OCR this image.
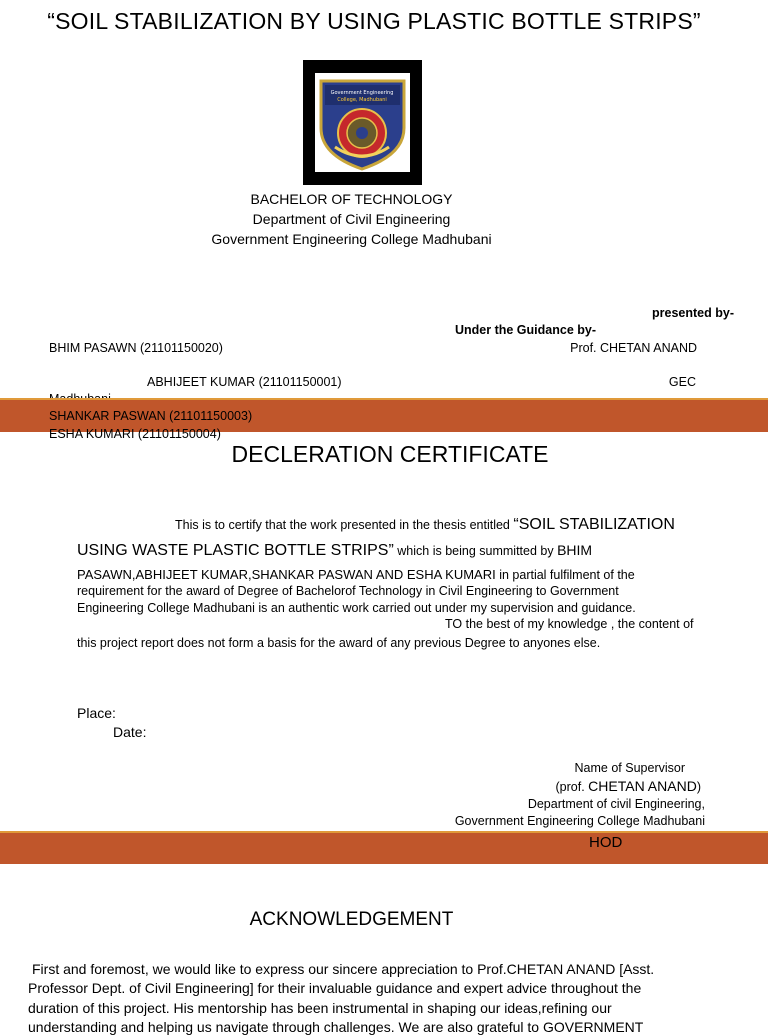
“SOIL STABILIZATION BY USING PLASTIC BOTTLE STRIPS”
Government Engineering
College, Madhubani
BACHELOR OF TECHNOLOGY
Department of Civil Engineering
Government Engineering College Madhubani
presented by-
Under the Guidance by-
BHIM PASAWN (21101150020)	Prof. CHETAN ANAND
ABHIJEET KUMAR (21101150001)	GEC
SHANKAR PASWAN (21101150003)
ESHA KUMARI (21101150004)
DECLERATION CERTIFICATE
This is to certify that the work presented in the thesis entitled “SOIL STABILIZATION
USING WASTE PLASTIC BOTTLE STRIPS” which is being summitted by BHIM
PASAWN,ABHIJEET KUMAR,SHANKAR PASWAN AND ESHA KUMARI in partial fulfilment of the
requirement for the award of Degree of Bachelorof Technology in Civil Engineering to Government
Engineering College Madhubani is an authentic work carried out under my supervision and guidance.
TO the best of my knowledge , the content of
this project report does not form a basis for the award of any previous Degree to anyones else.
Place:
Date:
Name of Supervisor
(prof. CHETAN ANAND)
Department of civil Engineering,
Government Engineering College Madhubani
HOD
ACKNOWLEDGEMENT
First and foremost, we would like to express our sincere appreciation to Prof.CHETAN ANAND [Asst.
Professor Dept. of Civil Engineering] for their invaluable guidance and expert advice throughout the
duration of this project. His mentorship has been instrumental in shaping our ideas,refining our
understanding and helping us navigate through challenges. We are also grateful to GOVERNMENT
